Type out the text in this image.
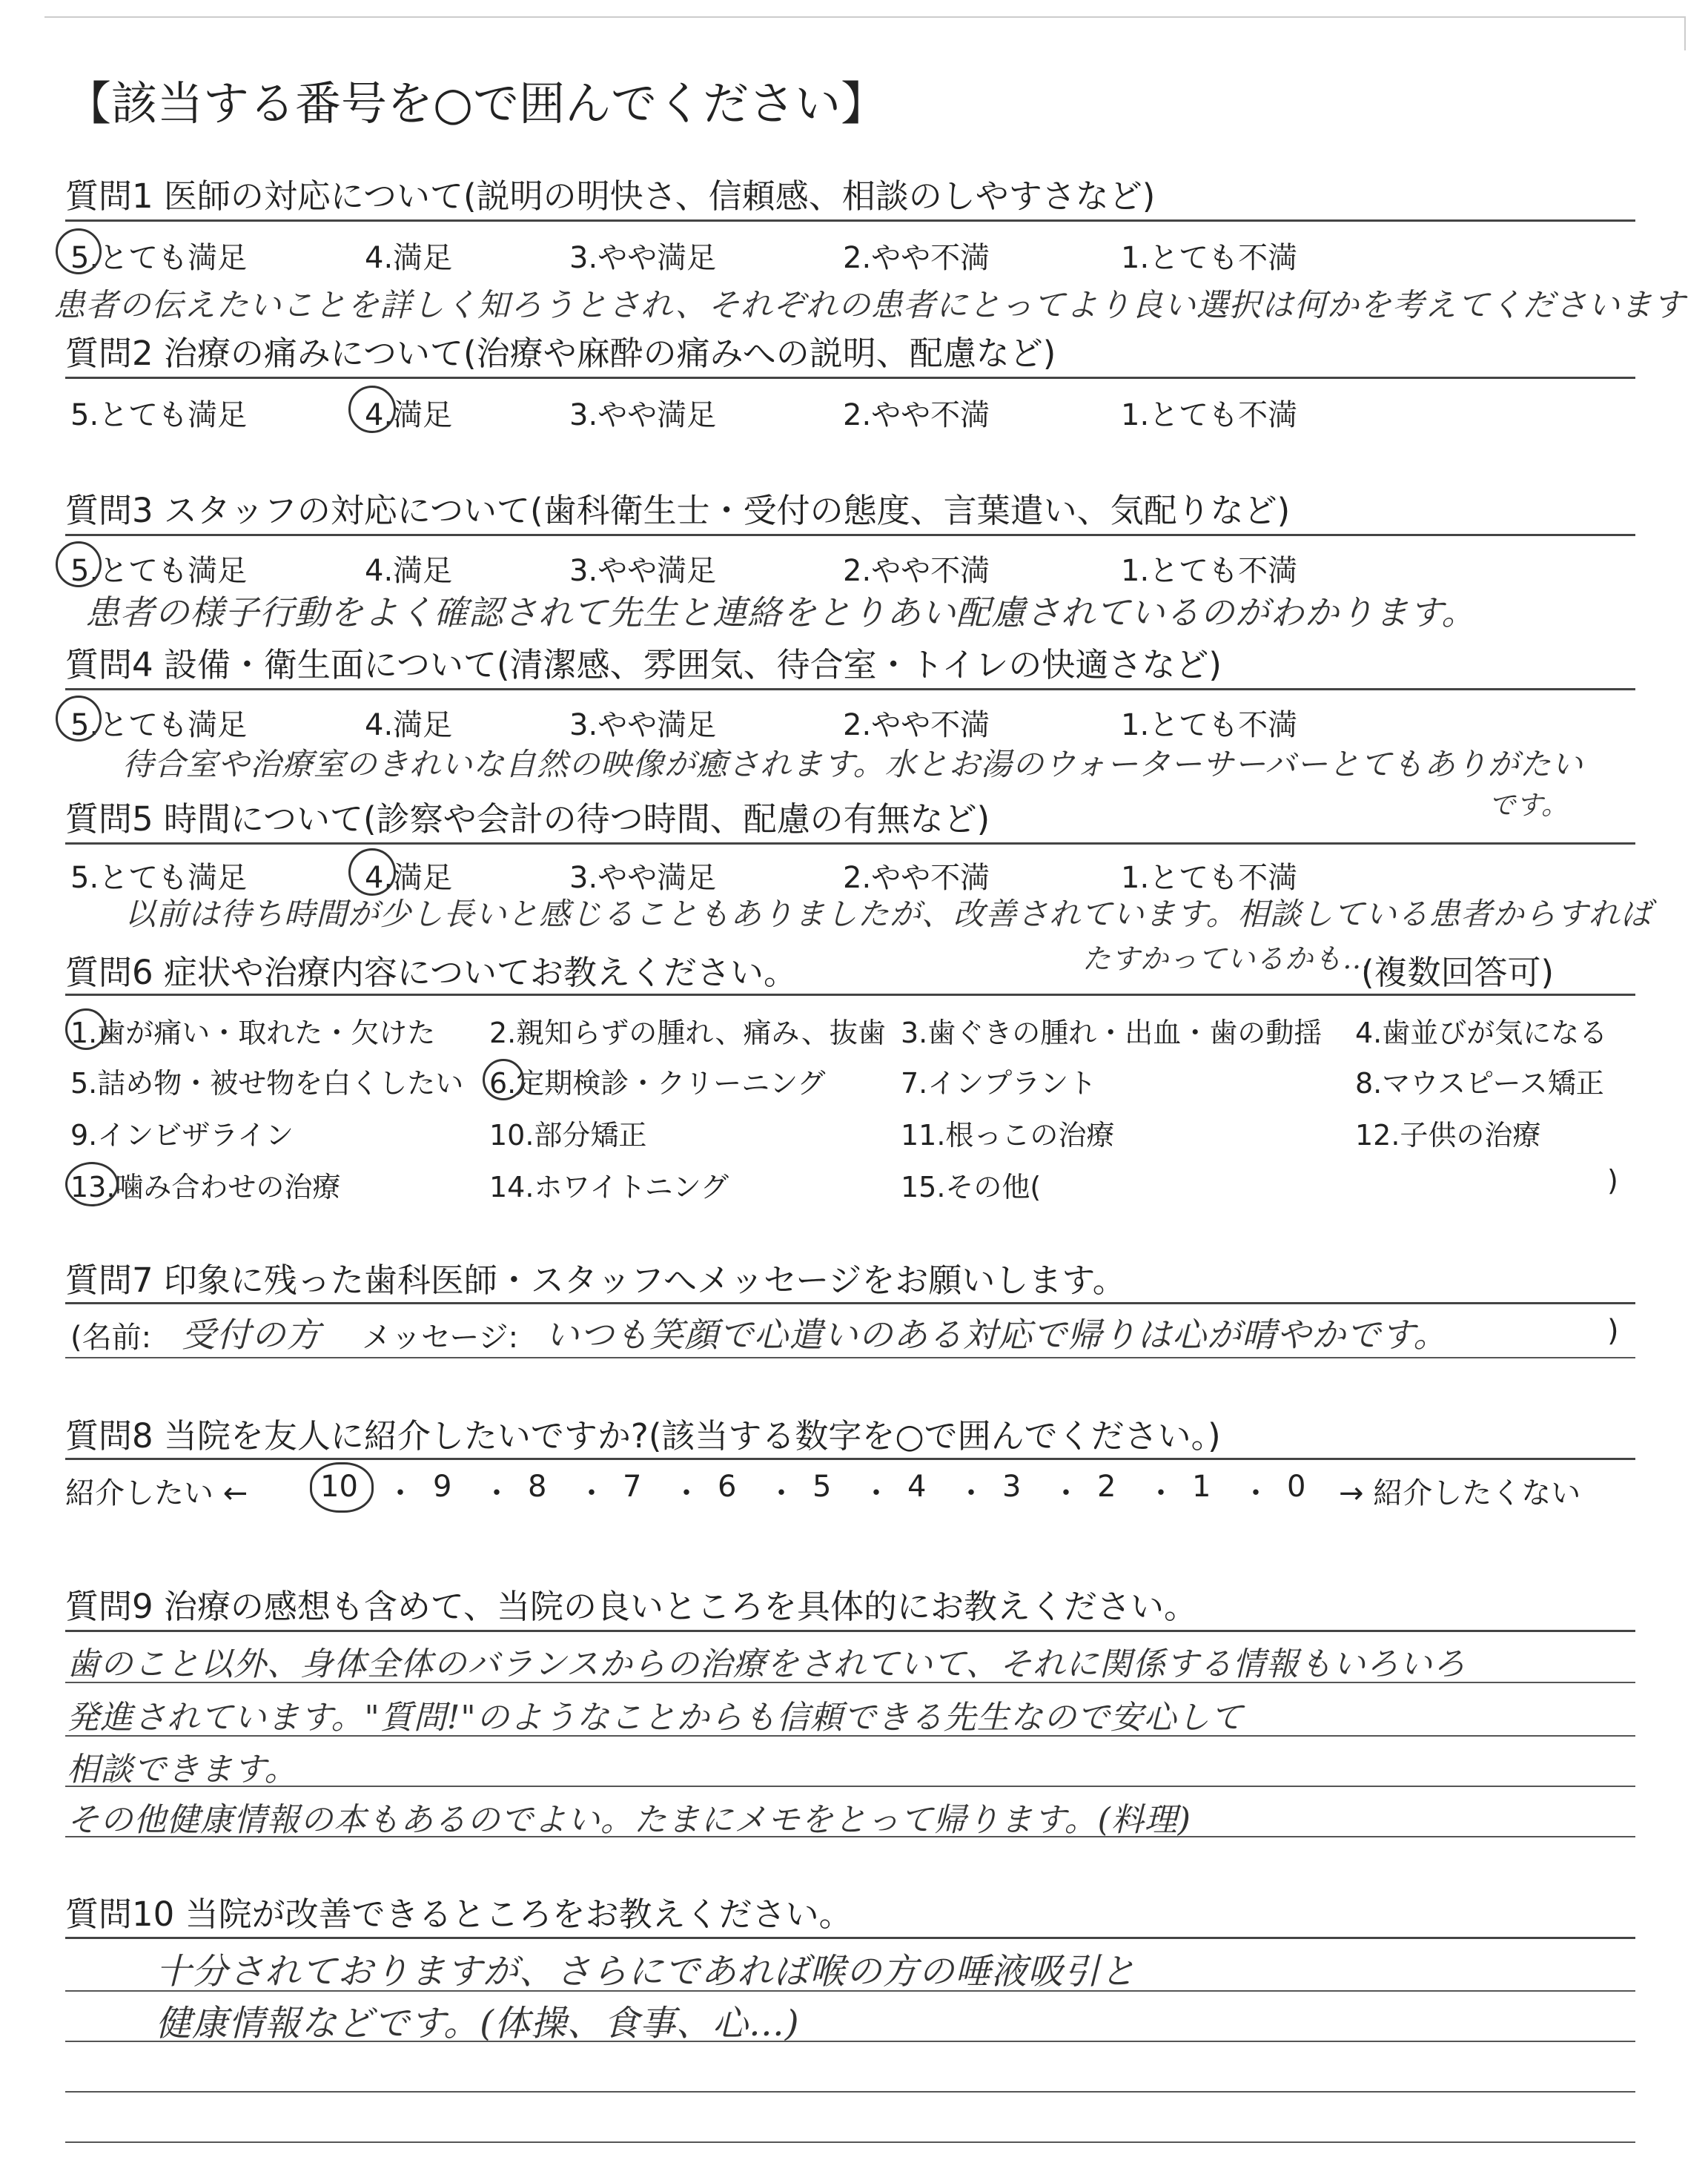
【該当する番号を○で囲んでください】
質問1 医師の対応について(説明の明快さ、信頼感、相談のしやすさなど)
5.とても満足	4.満足	3.やや満足	2.やや不満	1.とても不満
患者の伝えたいことを詳しく知ろうとされ、それぞれの患者にとってより良い選択は何かを考えてくださいます
質問2 治療の痛みについて(治療や麻酔の痛みへの説明、配慮など)
5.とても満足	4.満足	3.やや満足	2.やや不満	1.とても不満
質問3 スタッフの対応について(歯科衛生士・受付の態度、言葉遣い、気配りなど)
5.とても満足	4.満足	3.やや満足	2.やや不満	1.とても不満
患者の様子行動をよく確認されて先生と連絡をとりあい配慮されているのがわかります。
質問4 設備・衛生面について(清潔感、雰囲気、待合室・トイレの快適さなど)
5.とても満足	4.満足	3.やや満足	2.やや不満	1.とても不満
待合室や治療室のきれいな自然の映像が癒されます。水とお湯のウォーターサーバーとてもありがたい
です。
質問5 時間について(診察や会計の待つ時間、配慮の有無など)
5.とても満足	4.満足	3.やや満足	2.やや不満	1.とても不満
以前は待ち時間が少し長いと感じることもありましたが、改善されています。相談している患者からすれば
質問6 症状や治療内容についてお教えください。	たすかっているかも…
(複数回答可)
1.歯が痛い・取れた・欠けた 2.親知らずの腫れ、痛み、抜歯 3.歯ぐきの腫れ・出血・歯の動揺 4.歯並びが気になる
5.詰め物・被せ物を白くしたい 6.定期検診・クリーニング	7.インプラント	8.マウスピース矯正
9.インビザライン	10.部分矯正	11.根っこの治療	12.子供の治療
13.噛み合わせの治療	14.ホワイトニング	15.その他(	)
質問7 印象に残った歯科医師・スタッフへメッセージをお願いします。
(名前: 受付の方 メッセージ: いつも笑顔で心遣いのある対応で帰りは心が晴やかです。	)
質問8 当院を友人に紹介したいですか?(該当する数字を○で囲んでください。)
紹介したい ← 10 ・ 9 ・ 8 ・ 7 ・ 6 ・ 5 ・ 4 ・ 3 ・ 2 ・ 1 ・ 0 → 紹介したくない
質問9 治療の感想も含めて、当院の良いところを具体的にお教えください。
歯のこと以外、身体全体のバランスからの治療をされていて、それに関係する情報もいろいろ
発進されています。"質問!"のようなことからも信頼できる先生なので安心して
相談できます。
その他健康情報の本もあるのでよい。たまにメモをとって帰ります。(料理)
質問10 当院が改善できるところをお教えください。
十分されておりますが、さらにであれば喉の方の唾液吸引と
健康情報などです。(体操、食事、心…)
